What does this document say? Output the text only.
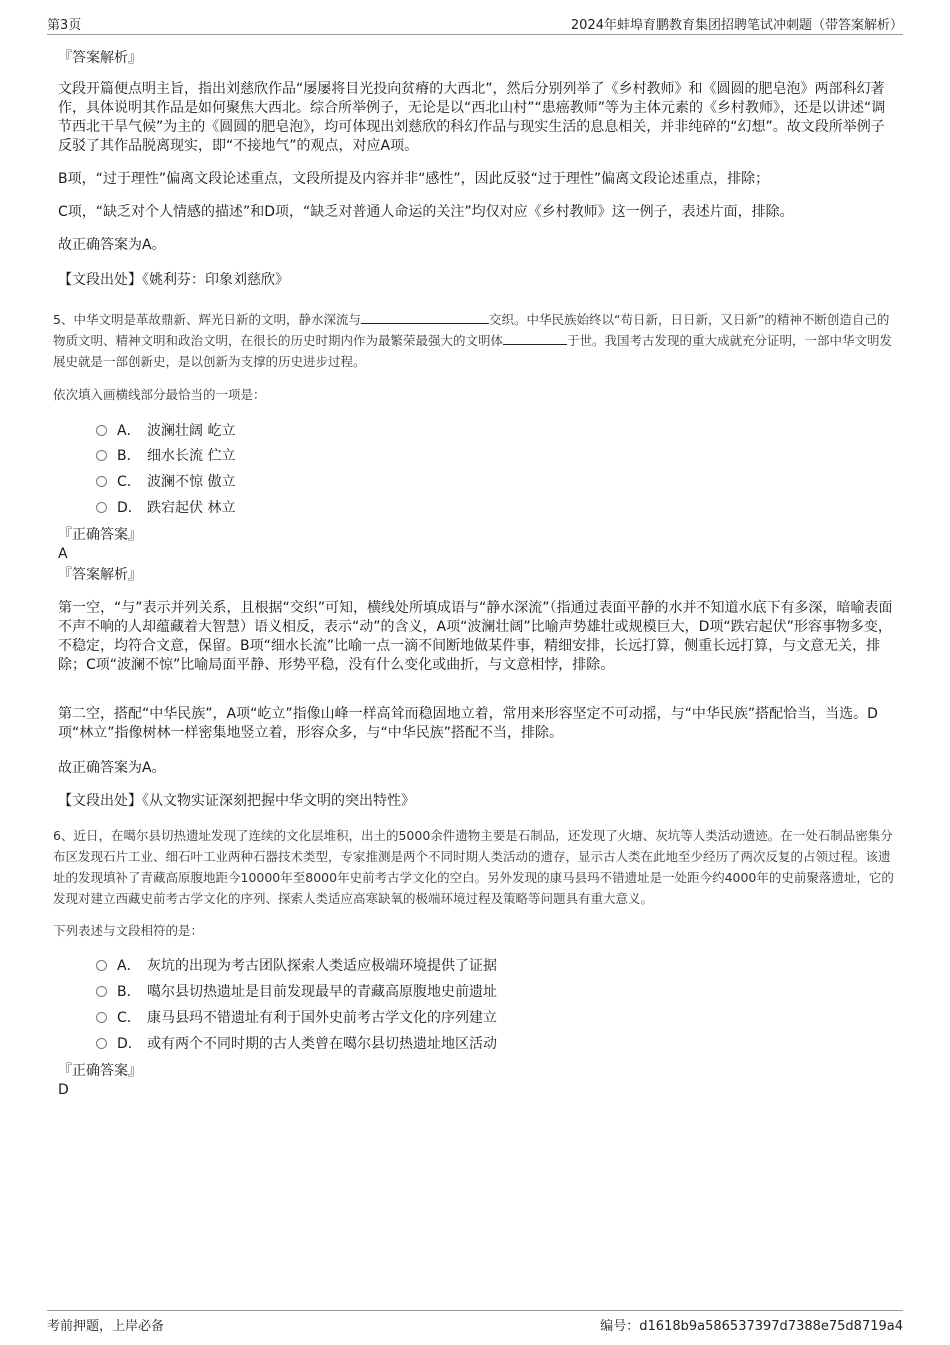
第3页	2024年蚌埠育鹏教育集团招聘笔试冲刺题（带答案解析）
『答案解析』
文段开篇便点明主旨，指出刘慈欣作品“屡屡将目光投向贫瘠的大西北”，然后分别列举了《乡村教师》和《圆圆的肥皂泡》两部科幻著作，具体说明其作品是如何聚焦大西北。综合所举例子，无论是以“西北山村”“患癌教师”等为主体元素的《乡村教师》，还是以讲述“调节西北干旱气候”为主的《圆圆的肥皂泡》，均可体现出刘慈欣的科幻作品与现实生活的息息相关，并非纯碎的“幻想”。故文段所举例子反驳了其作品脱离现实，即“不接地气”的观点，对应A项。
B项，“过于理性”偏离文段论述重点，文段所提及内容并非“感性”，因此反驳“过于理性”偏离文段论述重点，排除；
C项，“缺乏对个人情感的描述”和D项，“缺乏对普通人命运的关注”均仅对应《乡村教师》这一例子，表述片面，排除。
故正确答案为A。
【文段出处】《姚利芬：印象刘慈欣》
5、中华文明是革故鼎新、辉光日新的文明，静水深流与	交织。中华民族始终以“苟日新，日日新，又日新”的精神不断创造自己的物质文明、精神文明和政治文明，在很长的历史时期内作为最繁荣最强大的文明体	于世。我国考古发现的重大成就充分证明，一部中华文明发展史就是一部创新史，是以创新为支撑的历史进步过程。
依次填入画横线部分最恰当的一项是：
A． 波澜壮阔 屹立
B． 细水长流 伫立
C． 波澜不惊 傲立
D． 跌宕起伏 林立
『正确答案』
A
『答案解析』
第一空，“与”表示并列关系，且根据“交织”可知，横线处所填成语与“静水深流”（指通过表面平静的水并不知道水底下有多深，暗喻表面不声不响的人却蕴藏着大智慧）语义相反，表示“动”的含义，A项“波澜壮阔”比喻声势雄壮或规模巨大，D项“跌宕起伏”形容事物多变，不稳定，均符合文意，保留。B项“细水长流”比喻一点一滴不间断地做某件事，精细安排，长远打算，侧重长远打算，与文意无关，排除；C项“波澜不惊”比喻局面平静、形势平稳，没有什么变化或曲折，与文意相悖，排除。
第二空，搭配“中华民族”，A项“屹立”指像山峰一样高耸而稳固地立着，常用来形容坚定不可动摇，与“中华民族”搭配恰当，当选。D项“林立”指像树林一样密集地竖立着，形容众多，与“中华民族”搭配不当，排除。
故正确答案为A。
【文段出处】《从文物实证深刻把握中华文明的突出特性》
6、近日，在噶尔县切热遗址发现了连续的文化层堆积，出土的5000余件遗物主要是石制品，还发现了火塘、灰坑等人类活动遗迹。在一处石制品密集分布区发现石片工业、细石叶工业两种石器技术类型，专家推测是两个不同时期人类活动的遗存，显示古人类在此地至少经历了两次反复的占领过程。该遗址的发现填补了青藏高原腹地距今10000年至8000年史前考古学文化的空白。另外发现的康马县玛不错遗址是一处距今约4000年的史前聚落遗址，它的发现对建立西藏史前考古学文化的序列、探索人类适应高寒缺氧的极端环境过程及策略等问题具有重大意义。
下列表述与文段相符的是：
A． 灰坑的出现为考古团队探索人类适应极端环境提供了证据
B． 噶尔县切热遗址是目前发现最早的青藏高原腹地史前遗址
C． 康马县玛不错遗址有利于国外史前考古学文化的序列建立
D． 或有两个不同时期的古人类曾在噶尔县切热遗址地区活动
『正确答案』
D
考前押题，上岸必备	编号：d1618b9a586537397d7388e75d8719a4
